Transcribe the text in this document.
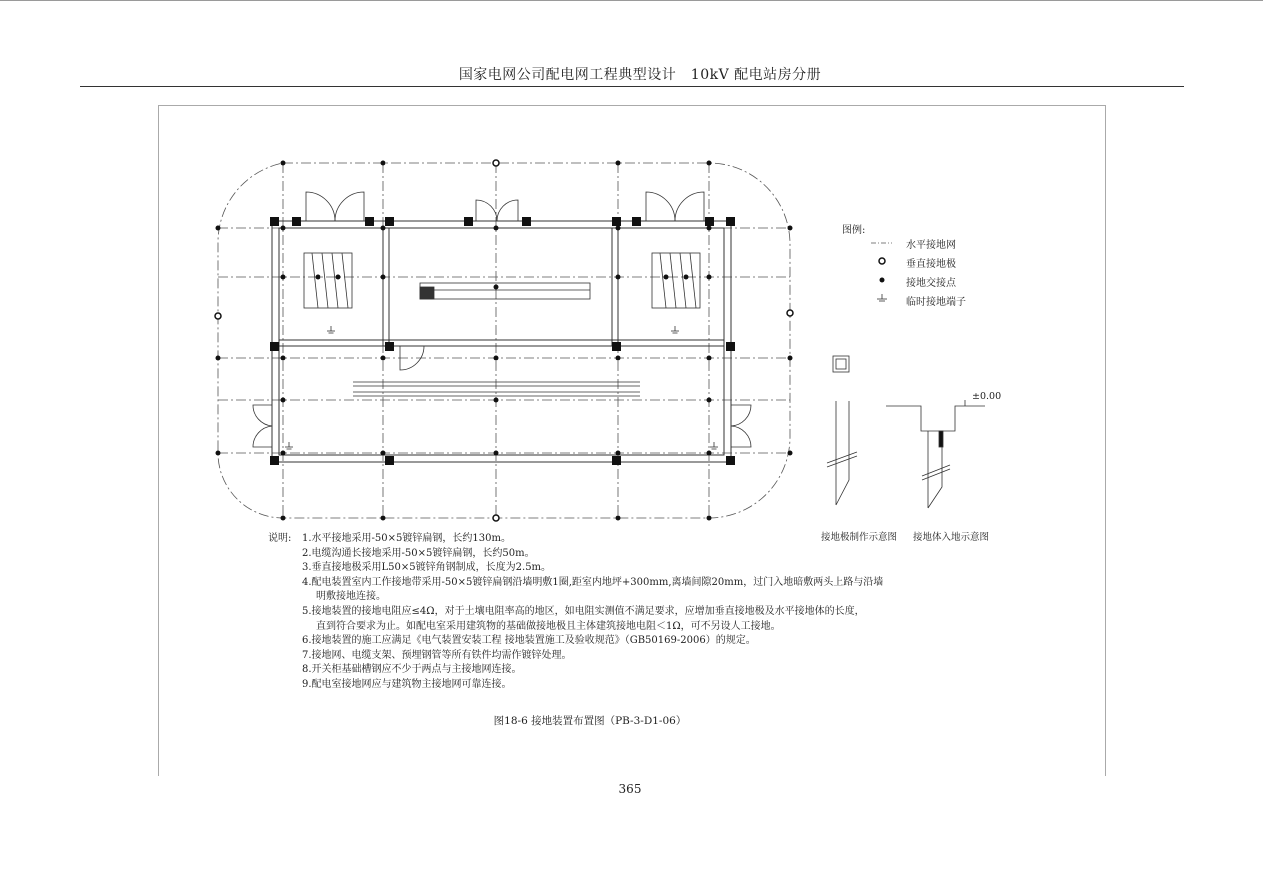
国家电网公司配电网工程典型设计　10kV 配电站房分册
图例:
水平接地网
垂直接地极
接地交接点
临时接地端子
±0.00
接地极制作示意图 接地体入地示意图
说明: 1.水平接地采用-50×5镀锌扁钢，长约130m。
2.电缆沟通长接地采用-50×5镀锌扁钢，长约50m。
3.垂直接地极采用L50×5镀锌角钢制成，长度为2.5m。
4.配电装置室内工作接地带采用-50×5镀锌扁钢沿墙明敷1圈,距室内地坪+300mm,离墙间隙20mm，过门入地暗敷两头上路与沿墙
明敷接地连接。
5.接地装置的接地电阻应≤4Ω，对于土壤电阻率高的地区，如电阻实测值不满足要求，应增加垂直接地极及水平接地体的长度，
直到符合要求为止。如配电室采用建筑物的基础做接地极且主体建筑接地电阻＜1Ω，可不另设人工接地。
6.接地装置的施工应满足《电气装置安装工程 接地装置施工及验收规范》（GB50169-2006）的规定。
7.接地网、电缆支架、预埋钢管等所有铁件均需作镀锌处理。
8.开关柜基础槽钢应不少于两点与主接地网连接。
9.配电室接地网应与建筑物主接地网可靠连接。
图18-6 接地装置布置图（PB-3-D1-06）
365
